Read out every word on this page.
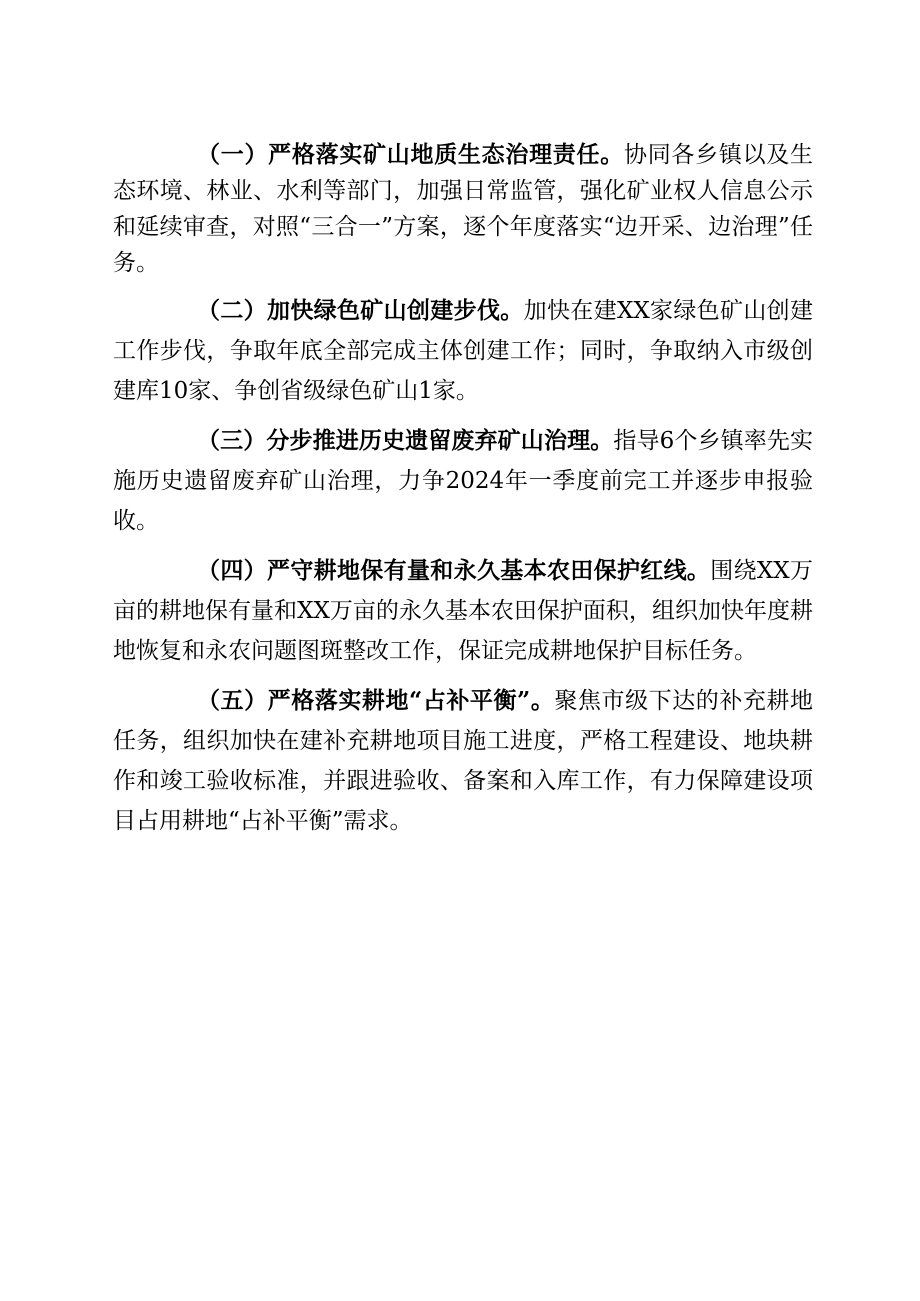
（一）严格落实矿山地质生态治理责任。协同各乡镇以及生态环境、林业、水利等部门，加强日常监管，强化矿业权人信息公示和延续审查，对照“三合一”方案，逐个年度落实“边开采、边治理”任务。

（二）加快绿色矿山创建步伐。加快在建XX家绿色矿山创建工作步伐，争取年底全部完成主体创建工作；同时，争取纳入市级创建库10家、争创省级绿色矿山1家。

（三）分步推进历史遗留废弃矿山治理。指导6个乡镇率先实施历史遗留废弃矿山治理，力争2024年一季度前完工并逐步申报验收。

（四）严守耕地保有量和永久基本农田保护红线。围绕XX万亩的耕地保有量和XX万亩的永久基本农田保护面积，组织加快年度耕地恢复和永农问题图斑整改工作，保证完成耕地保护目标任务。

（五）严格落实耕地“占补平衡”。聚焦市级下达的补充耕地任务，组织加快在建补充耕地项目施工进度，严格工程建设、地块耕作和竣工验收标准，并跟进验收、备案和入库工作，有力保障建设项目占用耕地“占补平衡”需求。
